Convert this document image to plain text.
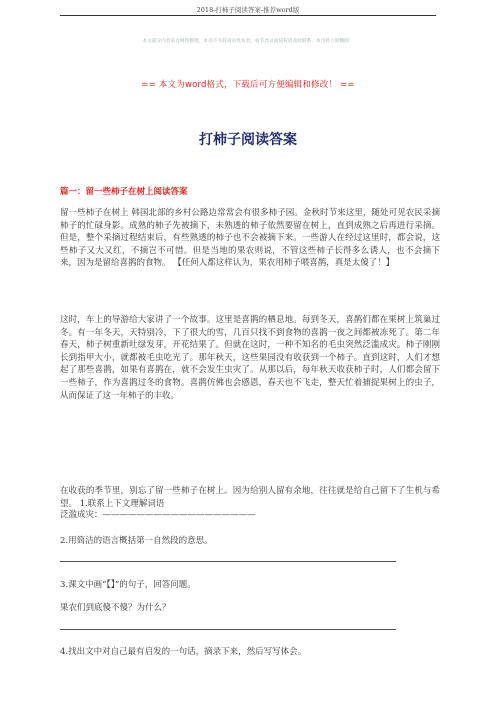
2018-打柿子阅读答案-推荐word版
本文部分内容来自网络整理，本司不为其真实性负责，如有异议或侵权请及时联系，本司将立即删除！
== 本文为word格式，下载后可方便编辑和修改！ ==
打柿子阅读答案
篇一：留一些柿子在树上阅读答案

留一些柿子在树上 韩国北部的乡村公路边常常会有很多柿子园。金秋时节来这里，随处可见农民采摘柿子的忙碌身影。成熟的柿子先被摘下，未熟透的柿子依然要留在树上，直到成熟之后再进行采摘。但是，整个采摘过程结束后，有些熟透的柿子也不会被摘下来。一些游人在经过这里时，都会说，这些柿子又大又红，不摘岂不可惜。但是当地的果农则说，不管这些柿子长得多么诱人，也不会摘下来，因为是留给喜鹊的食物。 【任何人都这样认为，果农用柿子喂喜鹊，真是太傻了！】

这时，车上的导游给大家讲了一个故事。这里是喜鹊的栖息地。每到冬天，喜鹊们都在果树上筑巢过冬。有一年冬天，天特别冷，下了很大的雪，几百只找不到食物的喜鹊一夜之间都被冻死了。第二年春天，柿子树重新吐绿发芽，开花结果了。但就在这时，一种不知名的毛虫突然泛滥成灾。柿子刚刚长到指甲大小，就都被毛虫吃光了。那年秋天，这些果园没有收获到一个柿子。直到这时，人们才想起了那些喜鹊，如果有喜鹊在，就不会发生虫灾了。从那以后，每年秋天收获柿子时，人们都会留下一些柿子，作为喜鹊过冬的食物。喜鹊仿佛也会感恩，春天也不飞走，整天忙着捕捉果树上的虫子，从而保证了这一年柿子的丰收。

在收获的季节里，别忘了留一些柿子在树上。因为给别人留有余地，往往就是给自己留下了生机与希望。 1.联系上下文理解词语

泛滥成灾：——————————————————

2.用简洁的语言概括第一自然段的意思。

3.课文中画“【】”的句子，回答问题。

果农们到底傻不傻？为什么？

4.找出文中对自己最有启发的一句话，摘录下来，然后写写体会。
